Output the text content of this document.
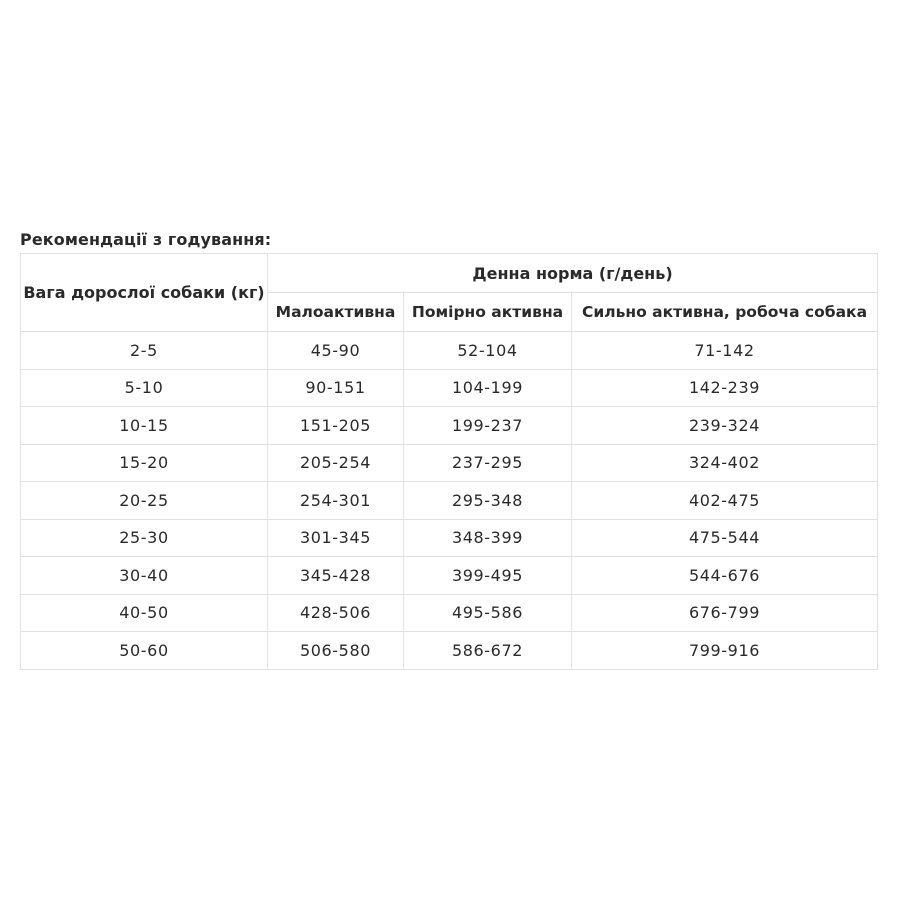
Рекомендації з годування:
Вага дорослої собаки (кг)	Денна норма (г/день)		
	Малоактивна	Помірно активна	Сильно активна, робоча собака
2-5	45-90	52-104	71-142
5-10	90-151	104-199	142-239
10-15	151-205	199-237	239-324
15-20	205-254	237-295	324-402
20-25	254-301	295-348	402-475
25-30	301-345	348-399	475-544
30-40	345-428	399-495	544-676
40-50	428-506	495-586	676-799
50-60	506-580	586-672	799-916
